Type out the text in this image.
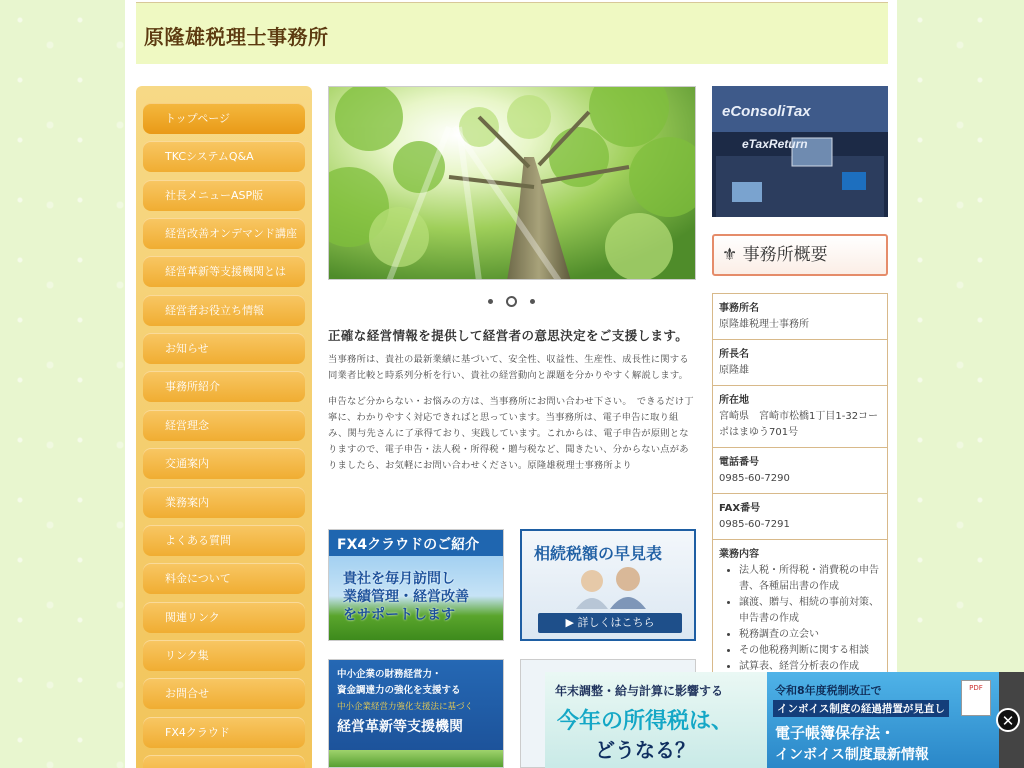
原隆雄税理士事務所
トップページ
TKCシステムQ&A
社長メニューASP版
経営改善オンデマンド講座
経営革新等支援機関とは
経営者お役立ち情報
お知らせ
事務所紹介
経営理念
交通案内
業務案内
よくある質問
料金について
関連リンク
リンク集
お問合せ
FX4クラウド
正確な経営情報を提供して経営者の意思決定をご支援します。

当事務所は、貴社の最新業績に基づいて、安全性、収益性、生産性、成長性に関する同業者比較と時系列分析を行い、貴社の経営動向と課題を分かりやすく解説します。

申告など分からない・お悩みの方は、当事務所にお問い合わせ下さい。　できるだけ丁寧に、わかりやすく対応できればと思っています。当事務所は、電子申告に取り組み、関与先さんに了承得ており、実践しています。これからは、電子申告が原則となりますので、電子申告・法人税・所得税・贈与税など、聞きたい、分からない点がありましたら、お気軽にお問い合わせください。原隆雄税理士事務所より

FX4クラウドのご紹介
貴社を毎月訪問し
業績管理・経営改善
をサポートします
相続税額の早見表
▶ 詳しくはこちら
中小企業の財務経営力・
資金調達力の強化を支援する
中小企業経営力強化支援法に基づく
経営革新等支援機関
eConsoliTax
eTaxReturn
⚜ 事務所概要
事務所名
原隆雄税理士事務所
所長名
原隆雄
所在地
宮崎県　宮崎市松橋1丁目1-32コーポはまゆう701号
電話番号
0985-60-7290
FAX番号
0985-60-7291
業務内容
• 法人税・所得税・消費税の申告書、各種届出書の作成
• 譲渡、贈与、相続の事前対策、申告書の作成
• 税務調査の立会い
• その他税務判断に関する相談
• 試算表、経営分析表の作成
年末調整・給与計算に影響する
今年の所得税は、
どうなる？
令和8年度税制改正で
インボイス制度の経過措置が見直し
電子帳簿保存法・
インボイス制度最新情報
PDF
✕
